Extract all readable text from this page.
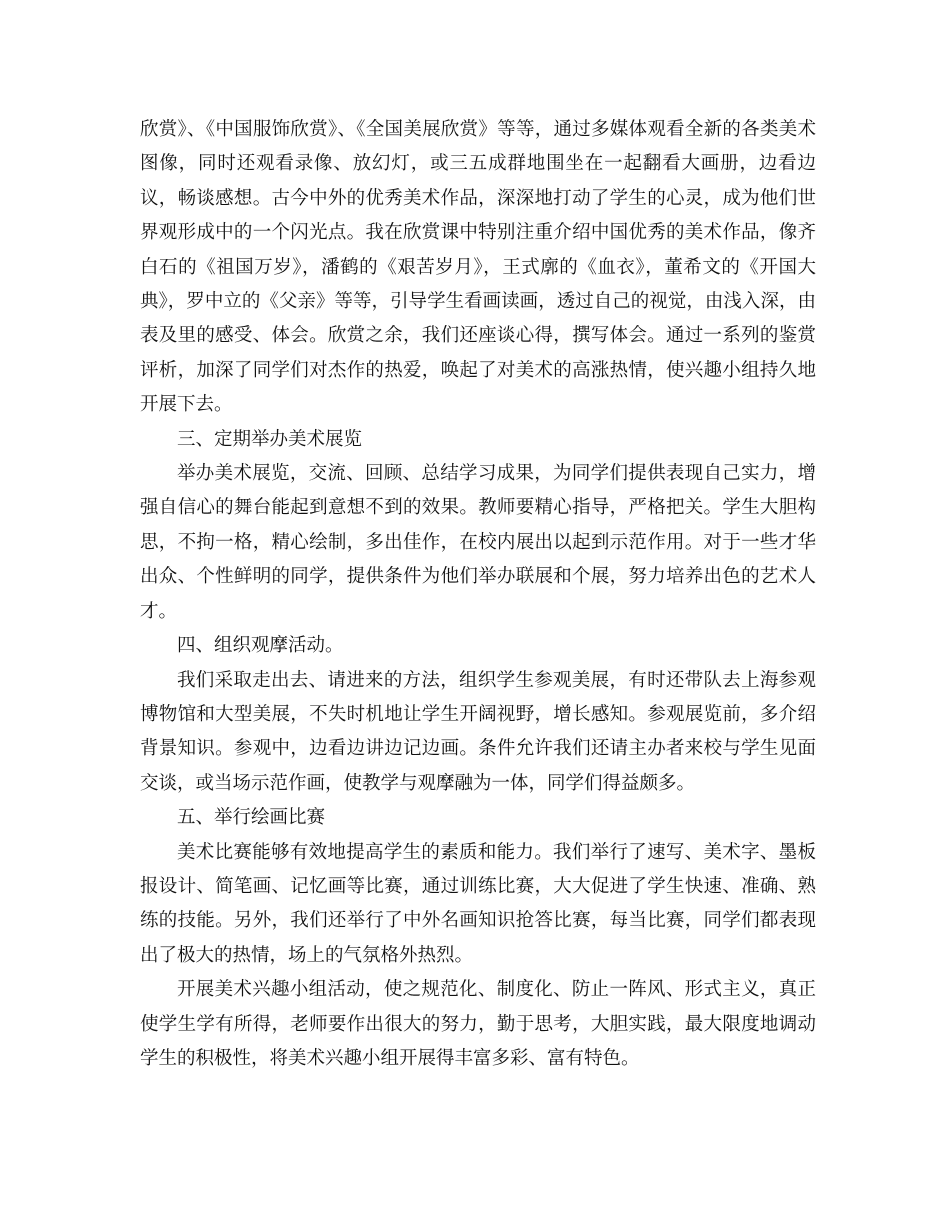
欣赏》、《中国服饰欣赏》、《全国美展欣赏》等等，通过多媒体观看全新的各类美术图像，同时还观看录像、放幻灯，或三五成群地围坐在一起翻看大画册，边看边议，畅谈感想。古今中外的优秀美术作品，深深地打动了学生的心灵，成为他们世界观形成中的一个闪光点。我在欣赏课中特别注重介绍中国优秀的美术作品，像齐白石的《祖国万岁》，潘鹤的《艰苦岁月》，王式廓的《血衣》，董希文的《开国大典》，罗中立的《父亲》等等，引导学生看画读画，透过自己的视觉，由浅入深，由表及里的感受、体会。欣赏之余，我们还座谈心得，撰写体会。通过一系列的鉴赏评析，加深了同学们对杰作的热爱，唤起了对美术的高涨热情，使兴趣小组持久地开展下去。

三、定期举办美术展览

举办美术展览，交流、回顾、总结学习成果，为同学们提供表现自己实力，增强自信心的舞台能起到意想不到的效果。教师要精心指导，严格把关。学生大胆构思，不拘一格，精心绘制，多出佳作，在校内展出以起到示范作用。对于一些才华出众、个性鲜明的同学，提供条件为他们举办联展和个展，努力培养出色的艺术人才。

四、组织观摩活动。

我们采取走出去、请进来的方法，组织学生参观美展，有时还带队去上海参观博物馆和大型美展，不失时机地让学生开阔视野，增长感知。参观展览前，多介绍背景知识。参观中，边看边讲边记边画。条件允许我们还请主办者来校与学生见面交谈，或当场示范作画，使教学与观摩融为一体，同学们得益颇多。

五、举行绘画比赛

美术比赛能够有效地提高学生的素质和能力。我们举行了速写、美术字、墨板报设计、简笔画、记忆画等比赛，通过训练比赛，大大促进了学生快速、准确、熟练的技能。另外，我们还举行了中外名画知识抢答比赛，每当比赛，同学们都表现出了极大的热情，场上的气氛格外热烈。

开展美术兴趣小组活动，使之规范化、制度化、防止一阵风、形式主义，真正使学生学有所得，老师要作出很大的努力，勤于思考，大胆实践，最大限度地调动学生的积极性，将美术兴趣小组开展得丰富多彩、富有特色。
